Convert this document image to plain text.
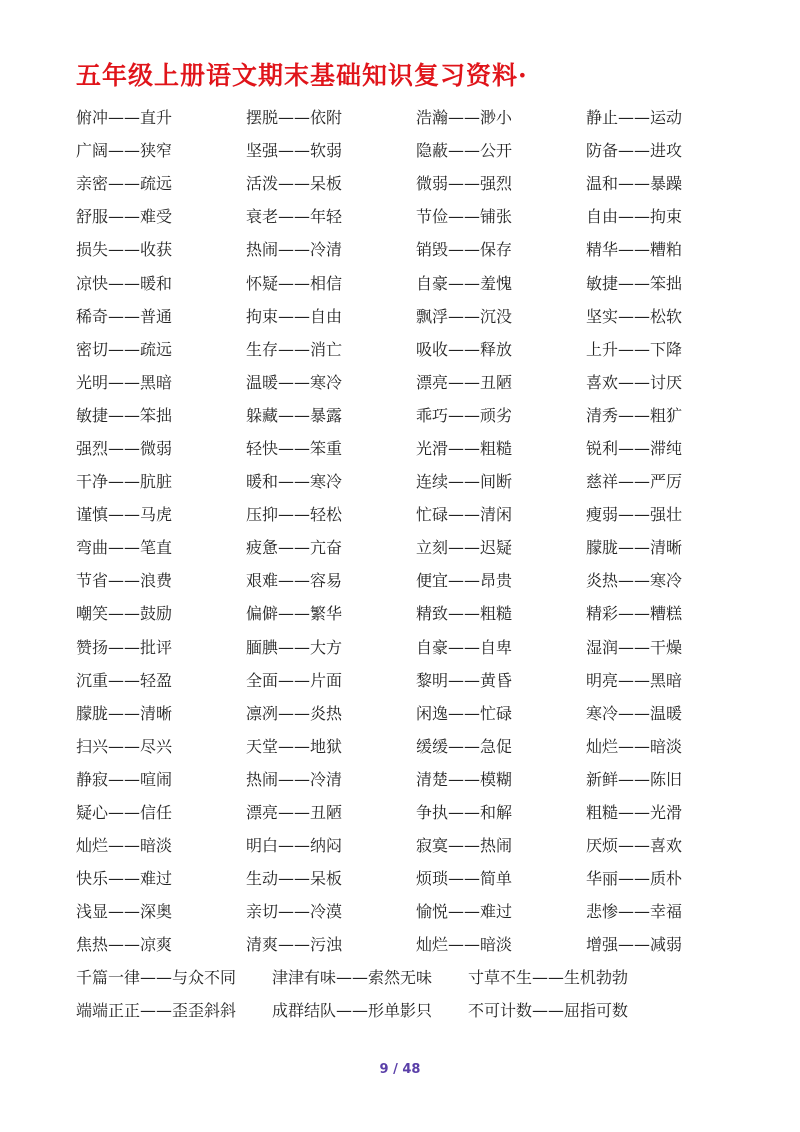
五年级上册语文期末基础知识复习资料·
俯冲——直升	摆脱——依附	浩瀚——渺小	静止——运动
广阔——狭窄	坚强——软弱	隐蔽——公开	防备——进攻
亲密——疏远	活泼——呆板	微弱——强烈	温和——暴躁
舒服——难受	衰老——年轻	节俭——铺张	自由——拘束
损失——收获	热闹——冷清	销毁——保存	精华——糟粕
凉快——暖和	怀疑——相信	自豪——羞愧	敏捷——笨拙
稀奇——普通	拘束——自由	飘浮——沉没	坚实——松软
密切——疏远	生存——消亡	吸收——释放	上升——下降
光明——黑暗	温暖——寒冷	漂亮——丑陋	喜欢——讨厌
敏捷——笨拙	躲藏——暴露	乖巧——顽劣	清秀——粗犷
强烈——微弱	轻快——笨重	光滑——粗糙	锐利——滞纯
干净——肮脏	暖和——寒冷	连续——间断	慈祥——严厉
谨慎——马虎	压抑——轻松	忙碌——清闲	瘦弱——强壮
弯曲——笔直	疲惫——亢奋	立刻——迟疑	朦胧——清晰
节省——浪费	艰难——容易	便宜——昂贵	炎热——寒冷
嘲笑——鼓励	偏僻——繁华	精致——粗糙	精彩——糟糕
赞扬——批评	腼腆——大方	自豪——自卑	湿润——干燥
沉重——轻盈	全面——片面	黎明——黄昏	明亮——黑暗
朦胧——清晰	凛冽——炎热	闲逸——忙碌	寒冷——温暖
扫兴——尽兴	天堂——地狱	缓缓——急促	灿烂——暗淡
静寂——喧闹	热闹——冷清	清楚——模糊	新鲜——陈旧
疑心——信任	漂亮——丑陋	争执——和解	粗糙——光滑
灿烂——暗淡	明白——纳闷	寂寞——热闹	厌烦——喜欢
快乐——难过	生动——呆板	烦琐——简单	华丽——质朴
浅显——深奥	亲切——冷漠	愉悦——难过	悲惨——幸福
焦热——凉爽	清爽——污浊	灿烂——暗淡	增强——减弱
千篇一律——与众不同	津津有味——索然无味	寸草不生——生机勃勃
端端正正——歪歪斜斜	成群结队——形单影只	不可计数——屈指可数
9 / 48
